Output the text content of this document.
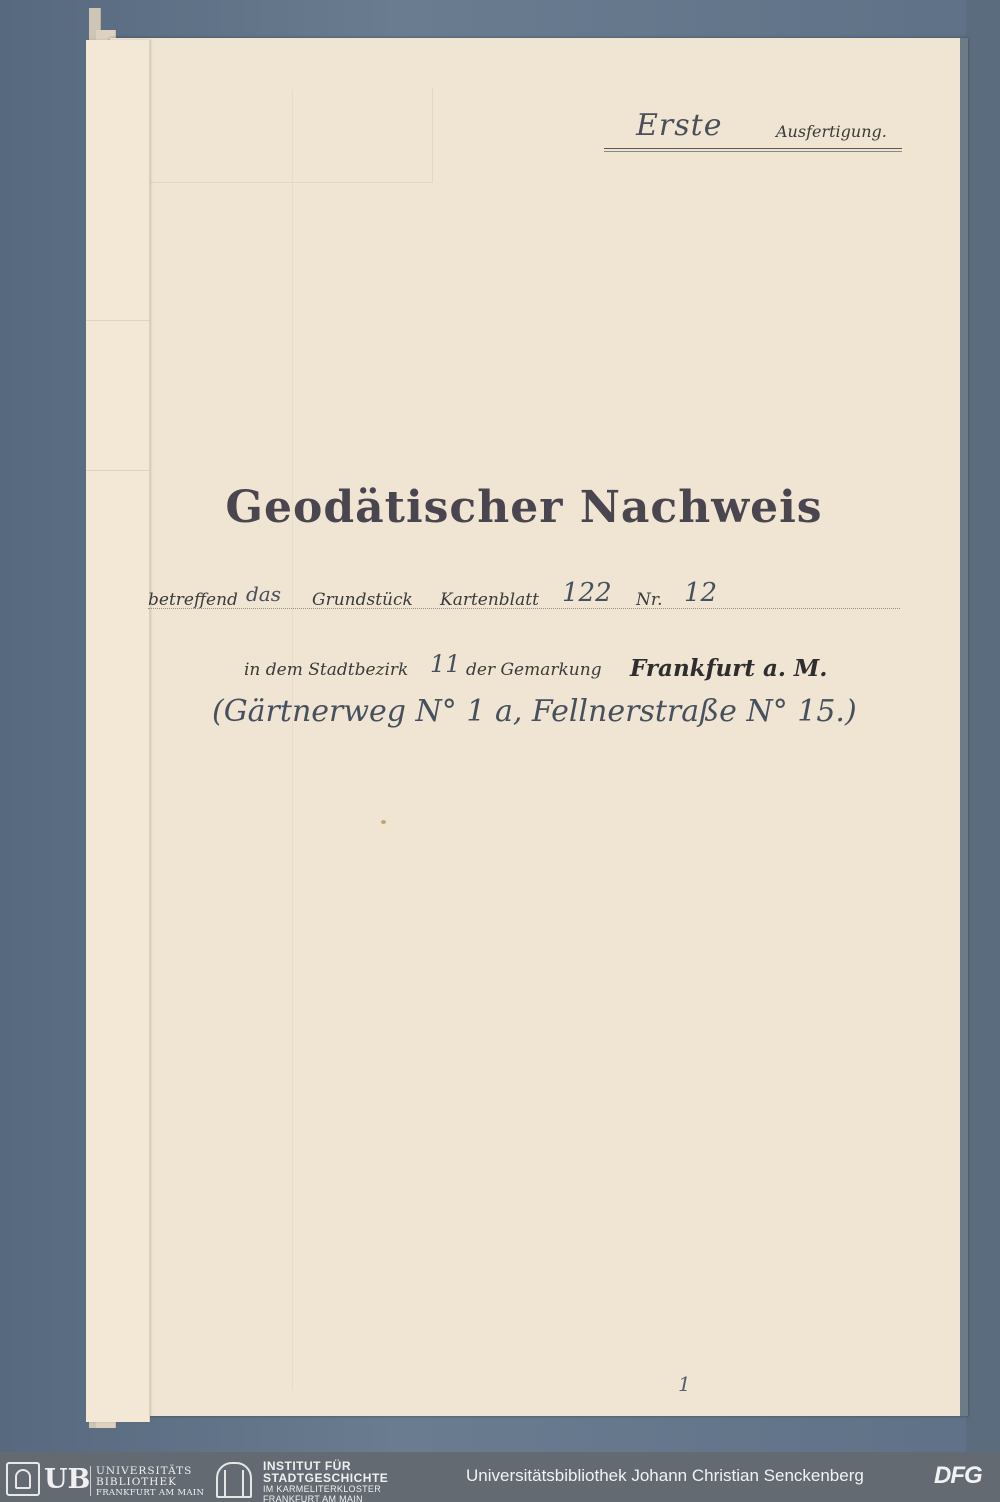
Erste	Ausfertigung.
Geodätischer Nachweis
betreffend das Grundstück Kartenblatt 122 Nr. 12
in dem Stadtbezirk 11 der Gemarkung Frankfurt a. M.
(Gärtnerweg N° 1 a, Fellnerstraße N° 15.)
1
UB UNIVERSITÄTS
BIBLIOTHEK
FRANKFURT AM MAIN
INSTITUT FÜR
STADTGESCHICHTE
IM KARMELITERKLOSTER
FRANKFURT AM MAIN
Universitätsbibliothek Johann Christian Senckenberg	DFG
